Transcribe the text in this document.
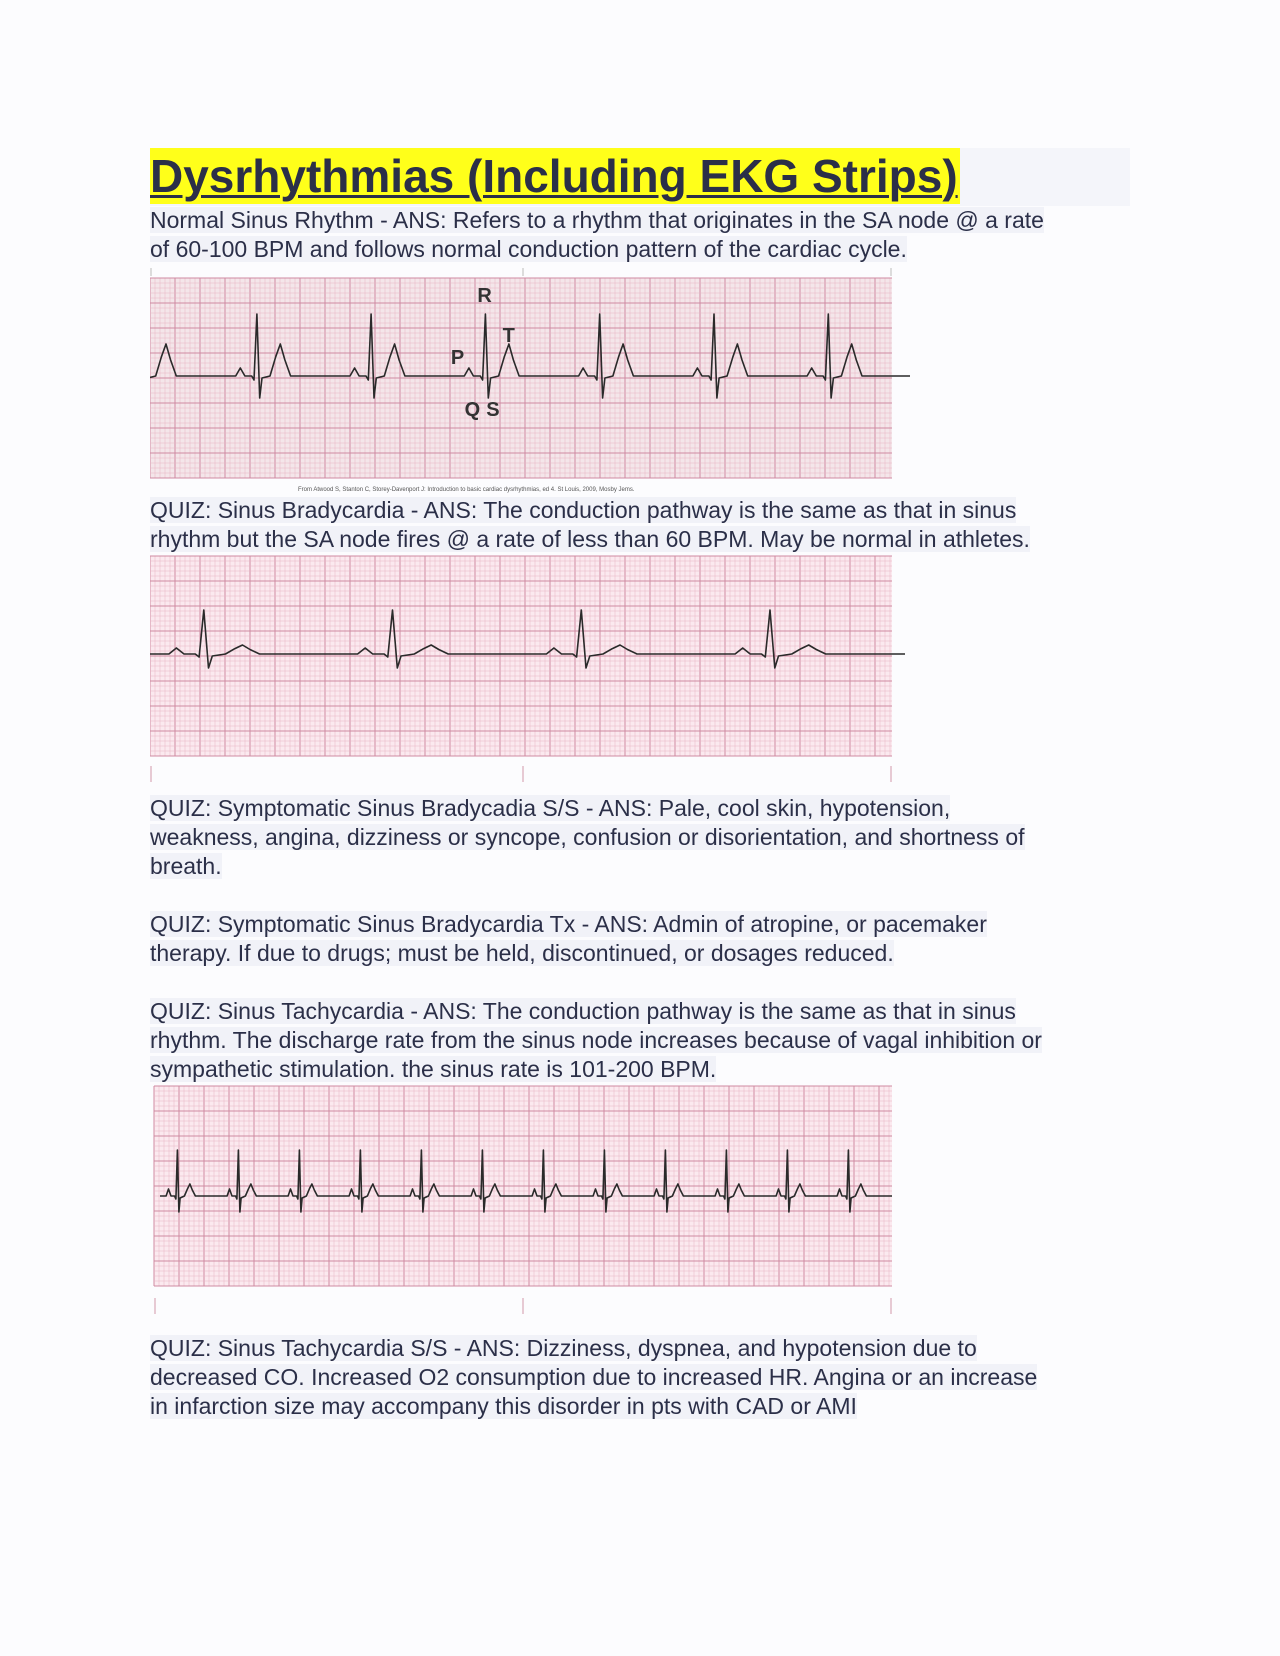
Dysrhythmias (Including EKG Strips)

Normal Sinus Rhythm - ANS: Refers to a rhythm that originates in the SA node @ a rate
of 60-100 BPM and follows normal conduction pattern of the cardiac cycle.

R
T
P
Q S
From Atwood S, Stanton C, Storey-Davenport J: Introduction to basic cardiac dysrhythmias, ed 4. St Louis, 2009, Mosby Jems.

QUIZ: Sinus Bradycardia - ANS: The conduction pathway is the same as that in sinus
rhythm but the SA node fires @ a rate of less than 60 BPM. May be normal in athletes.

QUIZ: Symptomatic Sinus Bradycadia S/S - ANS: Pale, cool skin, hypotension,
weakness, angina, dizziness or syncope, confusion or disorientation, and shortness of
breath.

QUIZ: Symptomatic Sinus Bradycardia Tx - ANS: Admin of atropine, or pacemaker
therapy. If due to drugs; must be held, discontinued, or dosages reduced.

QUIZ: Sinus Tachycardia - ANS: The conduction pathway is the same as that in sinus
rhythm. The discharge rate from the sinus node increases because of vagal inhibition or
sympathetic stimulation. the sinus rate is 101-200 BPM.

QUIZ: Sinus Tachycardia S/S - ANS: Dizziness, dyspnea, and hypotension due to
decreased CO. Increased O2 consumption due to increased HR. Angina or an increase
in infarction size may accompany this disorder in pts with CAD or AMI
